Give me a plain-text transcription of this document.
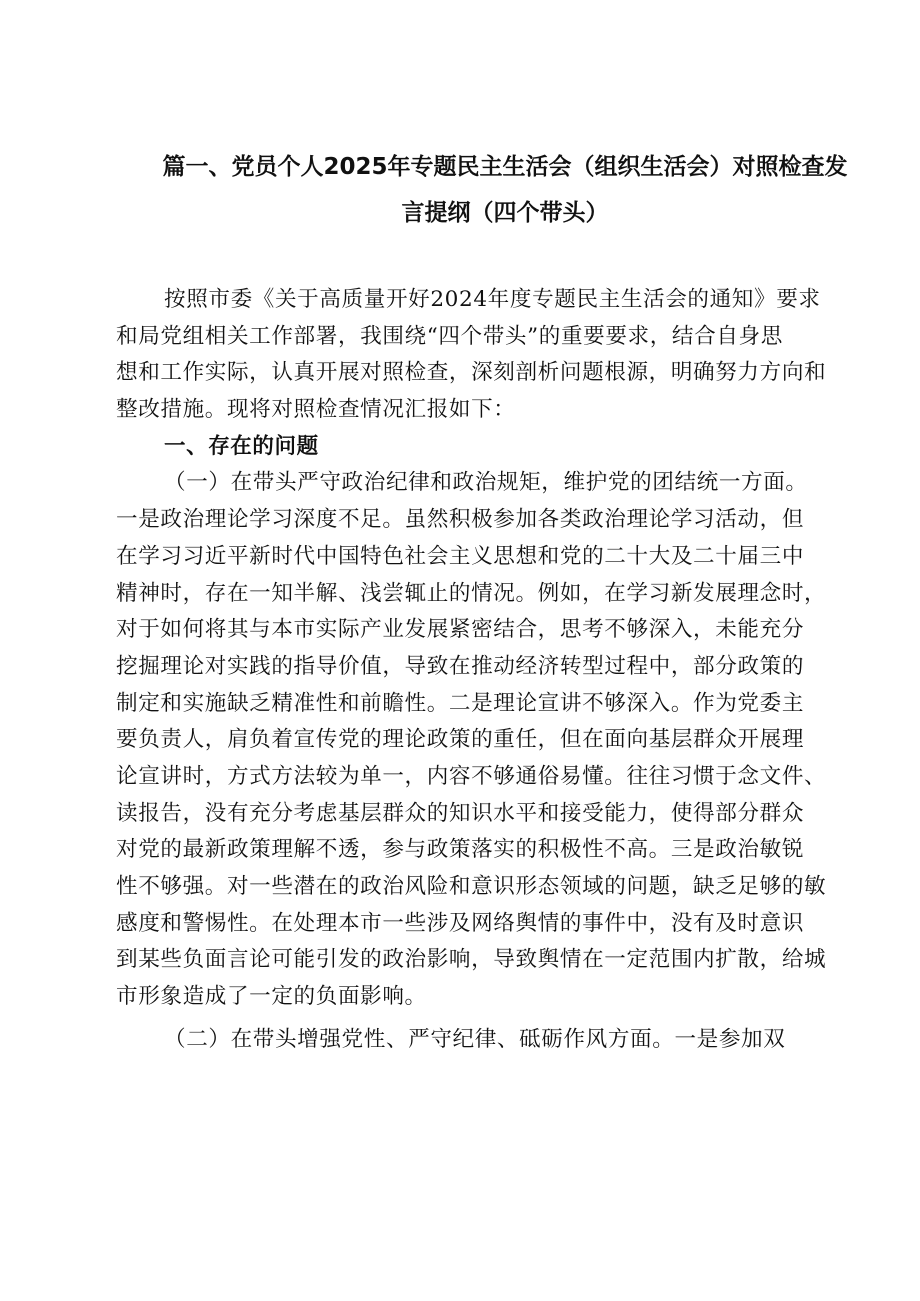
篇一、党员个人2025年专题民主生活会（组织生活会）对照检查发
言提纲（四个带头）
按照市委《关于高质量开好2024年度专题民主生活会的通知》要求
和局党组相关工作部署，我围绕“四个带头”的重要要求，结合自身思
想和工作实际，认真开展对照检查，深刻剖析问题根源，明确努力方向和
整改措施。现将对照检查情况汇报如下：
一、存在的问题
（一）在带头严守政治纪律和政治规矩，维护党的团结统一方面。
一是政治理论学习深度不足。虽然积极参加各类政治理论学习活动，但
在学习习近平新时代中国特色社会主义思想和党的二十大及二十届三中
精神时，存在一知半解、浅尝辄止的情况。例如，在学习新发展理念时，
对于如何将其与本市实际产业发展紧密结合，思考不够深入，未能充分
挖掘理论对实践的指导价值，导致在推动经济转型过程中，部分政策的
制定和实施缺乏精准性和前瞻性。二是理论宣讲不够深入。作为党委主
要负责人，肩负着宣传党的理论政策的重任，但在面向基层群众开展理
论宣讲时，方式方法较为单一，内容不够通俗易懂。往往习惯于念文件、
读报告，没有充分考虑基层群众的知识水平和接受能力，使得部分群众
对党的最新政策理解不透，参与政策落实的积极性不高。三是政治敏锐
性不够强。对一些潜在的政治风险和意识形态领域的问题，缺乏足够的敏
感度和警惕性。在处理本市一些涉及网络舆情的事件中，没有及时意识
到某些负面言论可能引发的政治影响，导致舆情在一定范围内扩散，给城
市形象造成了一定的负面影响。
（二）在带头增强党性、严守纪律、砥砺作风方面。一是参加双
